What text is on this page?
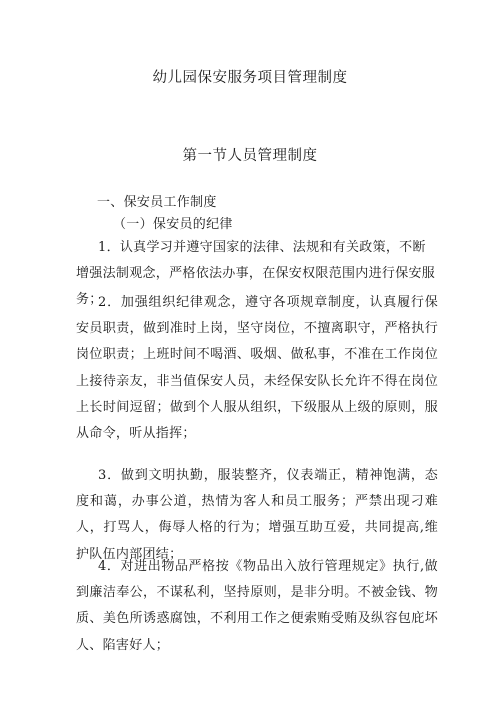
幼儿园保安服务项目管理制度
第一节人员管理制度
一、保安员工作制度
（一）保安员的纪律
1．认真学习并遵守国家的法律、法规和有关政策，不断
增强法制观念，严格依法办事，在保安权限范围内进行保安服务；
2．加强组织纪律观念，遵守各项规章制度，认真履行保安员职责，做到准时上岗，坚守岗位，不擅离职守，严格执行岗位职责；上班时间不喝酒、吸烟、做私事，不准在工作岗位上接待亲友，非当值保安人员，未经保安队长允许不得在岗位上长时间逗留；做到个人服从组织，下级服从上级的原则，服从命令，听从指挥；
3．做到文明执勤，服装整齐，仪表端正，精神饱满，态度和蔼，办事公道，热情为客人和员工服务；严禁出现刁难人，打骂人，侮辱人格的行为；增强互助互爱，共同提高,维护队伍内部团结；
4．对进出物品严格按《物品出入放行管理规定》执行,做到廉洁奉公，不谋私利，坚持原则，是非分明。不被金钱、物质、美色所诱惑腐蚀，不利用工作之便索贿受贿及纵容包庇坏人、陷害好人；
